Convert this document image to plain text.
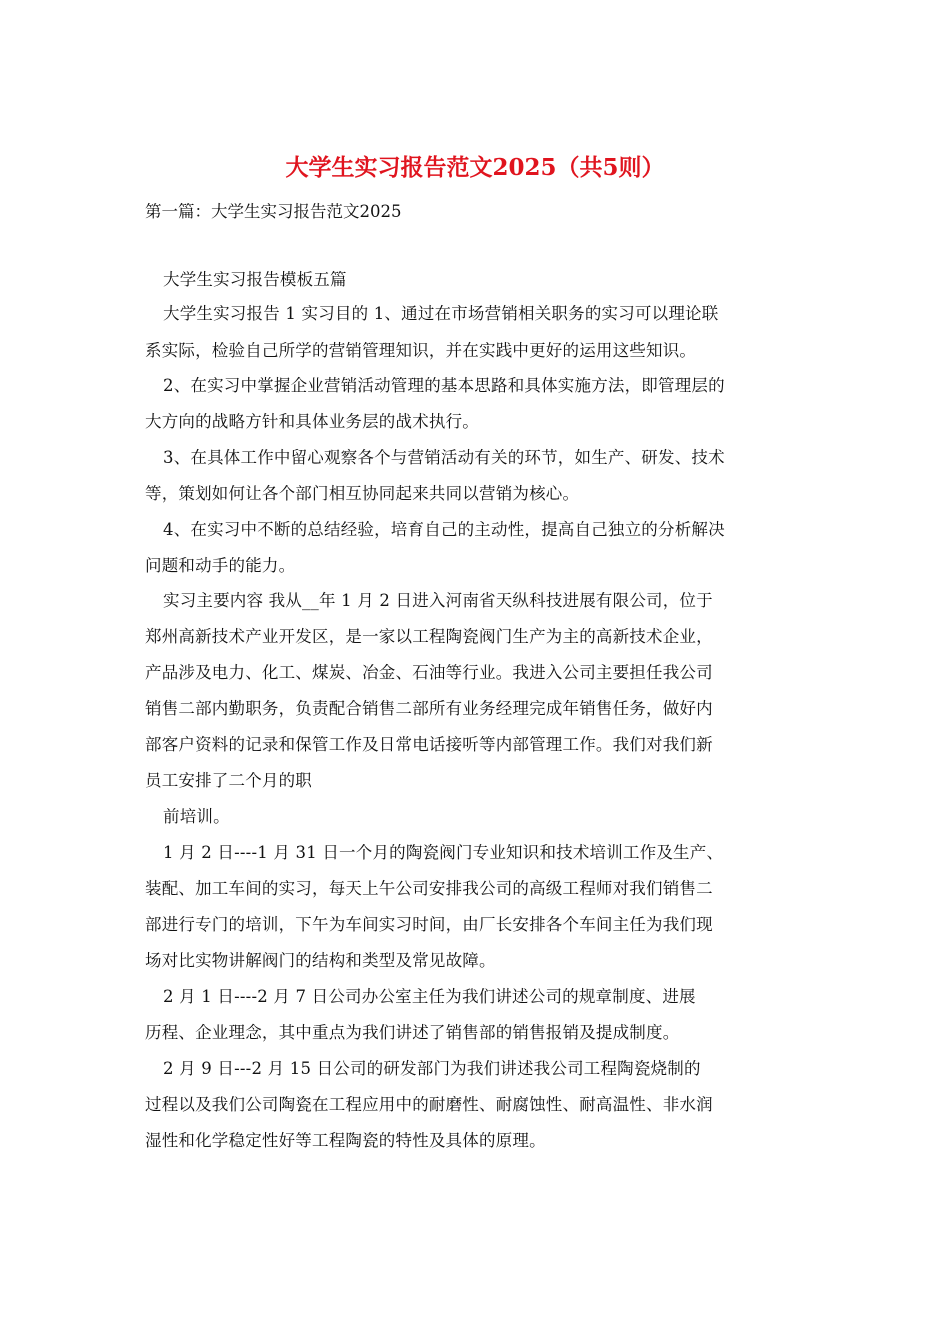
大学生实习报告范文2025（共5则）
第一篇：大学生实习报告范文2025
大学生实习报告模板五篇
大学生实习报告 1 实习目的 1、通过在市场营销相关职务的实习可以理论联
系实际，检验自己所学的营销管理知识，并在实践中更好的运用这些知识。
2、在实习中掌握企业营销活动管理的基本思路和具体实施方法，即管理层的
大方向的战略方针和具体业务层的战术执行。
3、在具体工作中留心观察各个与营销活动有关的环节，如生产、研发、技术
等，策划如何让各个部门相互协同起来共同以营销为核心。
4、在实习中不断的总结经验，培育自己的主动性，提高自己独立的分析解决
问题和动手的能力。
实习主要内容 我从__年 1 月 2 日进入河南省天纵科技进展有限公司，位于
郑州高新技术产业开发区，是一家以工程陶瓷阀门生产为主的高新技术企业，
产品涉及电力、化工、煤炭、冶金、石油等行业。我进入公司主要担任我公司
销售二部内勤职务，负责配合销售二部所有业务经理完成年销售任务，做好内
部客户资料的记录和保管工作及日常电话接听等内部管理工作。我们对我们新
员工安排了二个月的职
前培训。
1 月 2 日----1 月 31 日一个月的陶瓷阀门专业知识和技术培训工作及生产、
装配、加工车间的实习，每天上午公司安排我公司的高级工程师对我们销售二
部进行专门的培训，下午为车间实习时间，由厂长安排各个车间主任为我们现
场对比实物讲解阀门的结构和类型及常见故障。
2 月 1 日----2 月 7 日公司办公室主任为我们讲述公司的规章制度、进展
历程、企业理念，其中重点为我们讲述了销售部的销售报销及提成制度。
2 月 9 日---2 月 15 日公司的研发部门为我们讲述我公司工程陶瓷烧制的
过程以及我们公司陶瓷在工程应用中的耐磨性、耐腐蚀性、耐高温性、非水润
湿性和化学稳定性好等工程陶瓷的特性及具体的原理。
